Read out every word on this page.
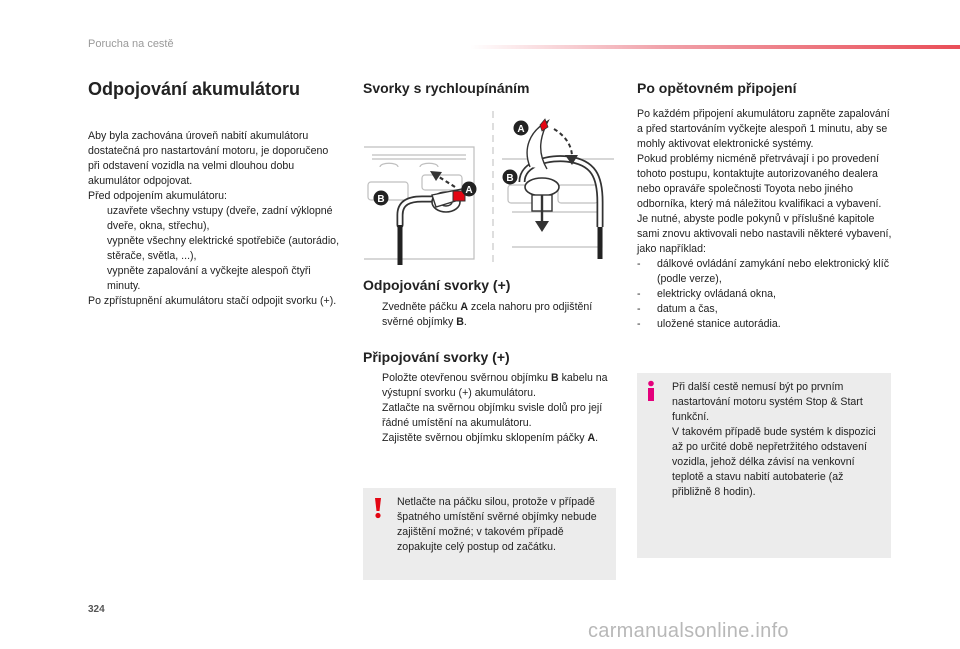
Porucha na cestě
Odpojování akumulátoru

Aby byla zachována úroveň nabití akumulátoru dostatečná pro nastartování motoru, je doporučeno při odstavení vozidla na velmi dlouhou dobu akumulátor odpojovat.

Před odpojením akumulátoru:

uzavřete všechny vstupy (dveře, zadní výklopné dveře, okna, střechu),
vypněte všechny elektrické spotřebiče (autorádio, stěrače, světla, ...),
vypněte zapalování a vyčkejte alespoň čtyři minuty.

Po zpřístupnění akumulátoru stačí odpojit svorku (+).

Svorky s rychloupínáním
A
B
A
B
Odpojování svorky (+)
Zvedněte páčku A zcela nahoru pro odjištění svěrné objímky B.
Připojování svorky (+)
Položte otevřenou svěrnou objímku B kabelu na výstupní svorku (+) akumulátoru.
Zatlačte na svěrnou objímku svisle dolů pro její řádné umístění na akumulátoru.
Zajistěte svěrnou objímku sklopením páčky A.
Netlačte na páčku silou, protože v případě špatného umístění svěrné objímky nebude zajištění možné; v takovém případě zopakujte celý postup od začátku.
Po opětovném připojení

Po každém připojení akumulátoru zapněte zapalování a před startováním vyčkejte alespoň 1 minutu, aby se mohly aktivovat elektronické systémy.

Pokud problémy nicméně přetrvávají i po provedení tohoto postupu, kontaktujte autorizovaného dealera nebo opraváře společnosti Toyota nebo jiného odborníka, který má náležitou kvalifikaci a vybavení.

Je nutné, abyste podle pokynů v příslušné kapitole sami znovu aktivovali nebo nastavili některé vybavení, jako například:

-	dálkové ovládání zamykání nebo elektronický klíč (podle verze),
-	elektricky ovládaná okna,
-	datum a čas,
-	uložené stanice autorádia.

Při další cestě nemusí být po prvním nastartování motoru systém Stop & Start funkční.

V takovém případě bude systém k dispozici až po určité době nepřetržitého odstavení vozidla, jehož délka závisí na venkovní teplotě a stavu nabití autobaterie (až přibližně 8 hodin).

324
carmanualsonline.info
